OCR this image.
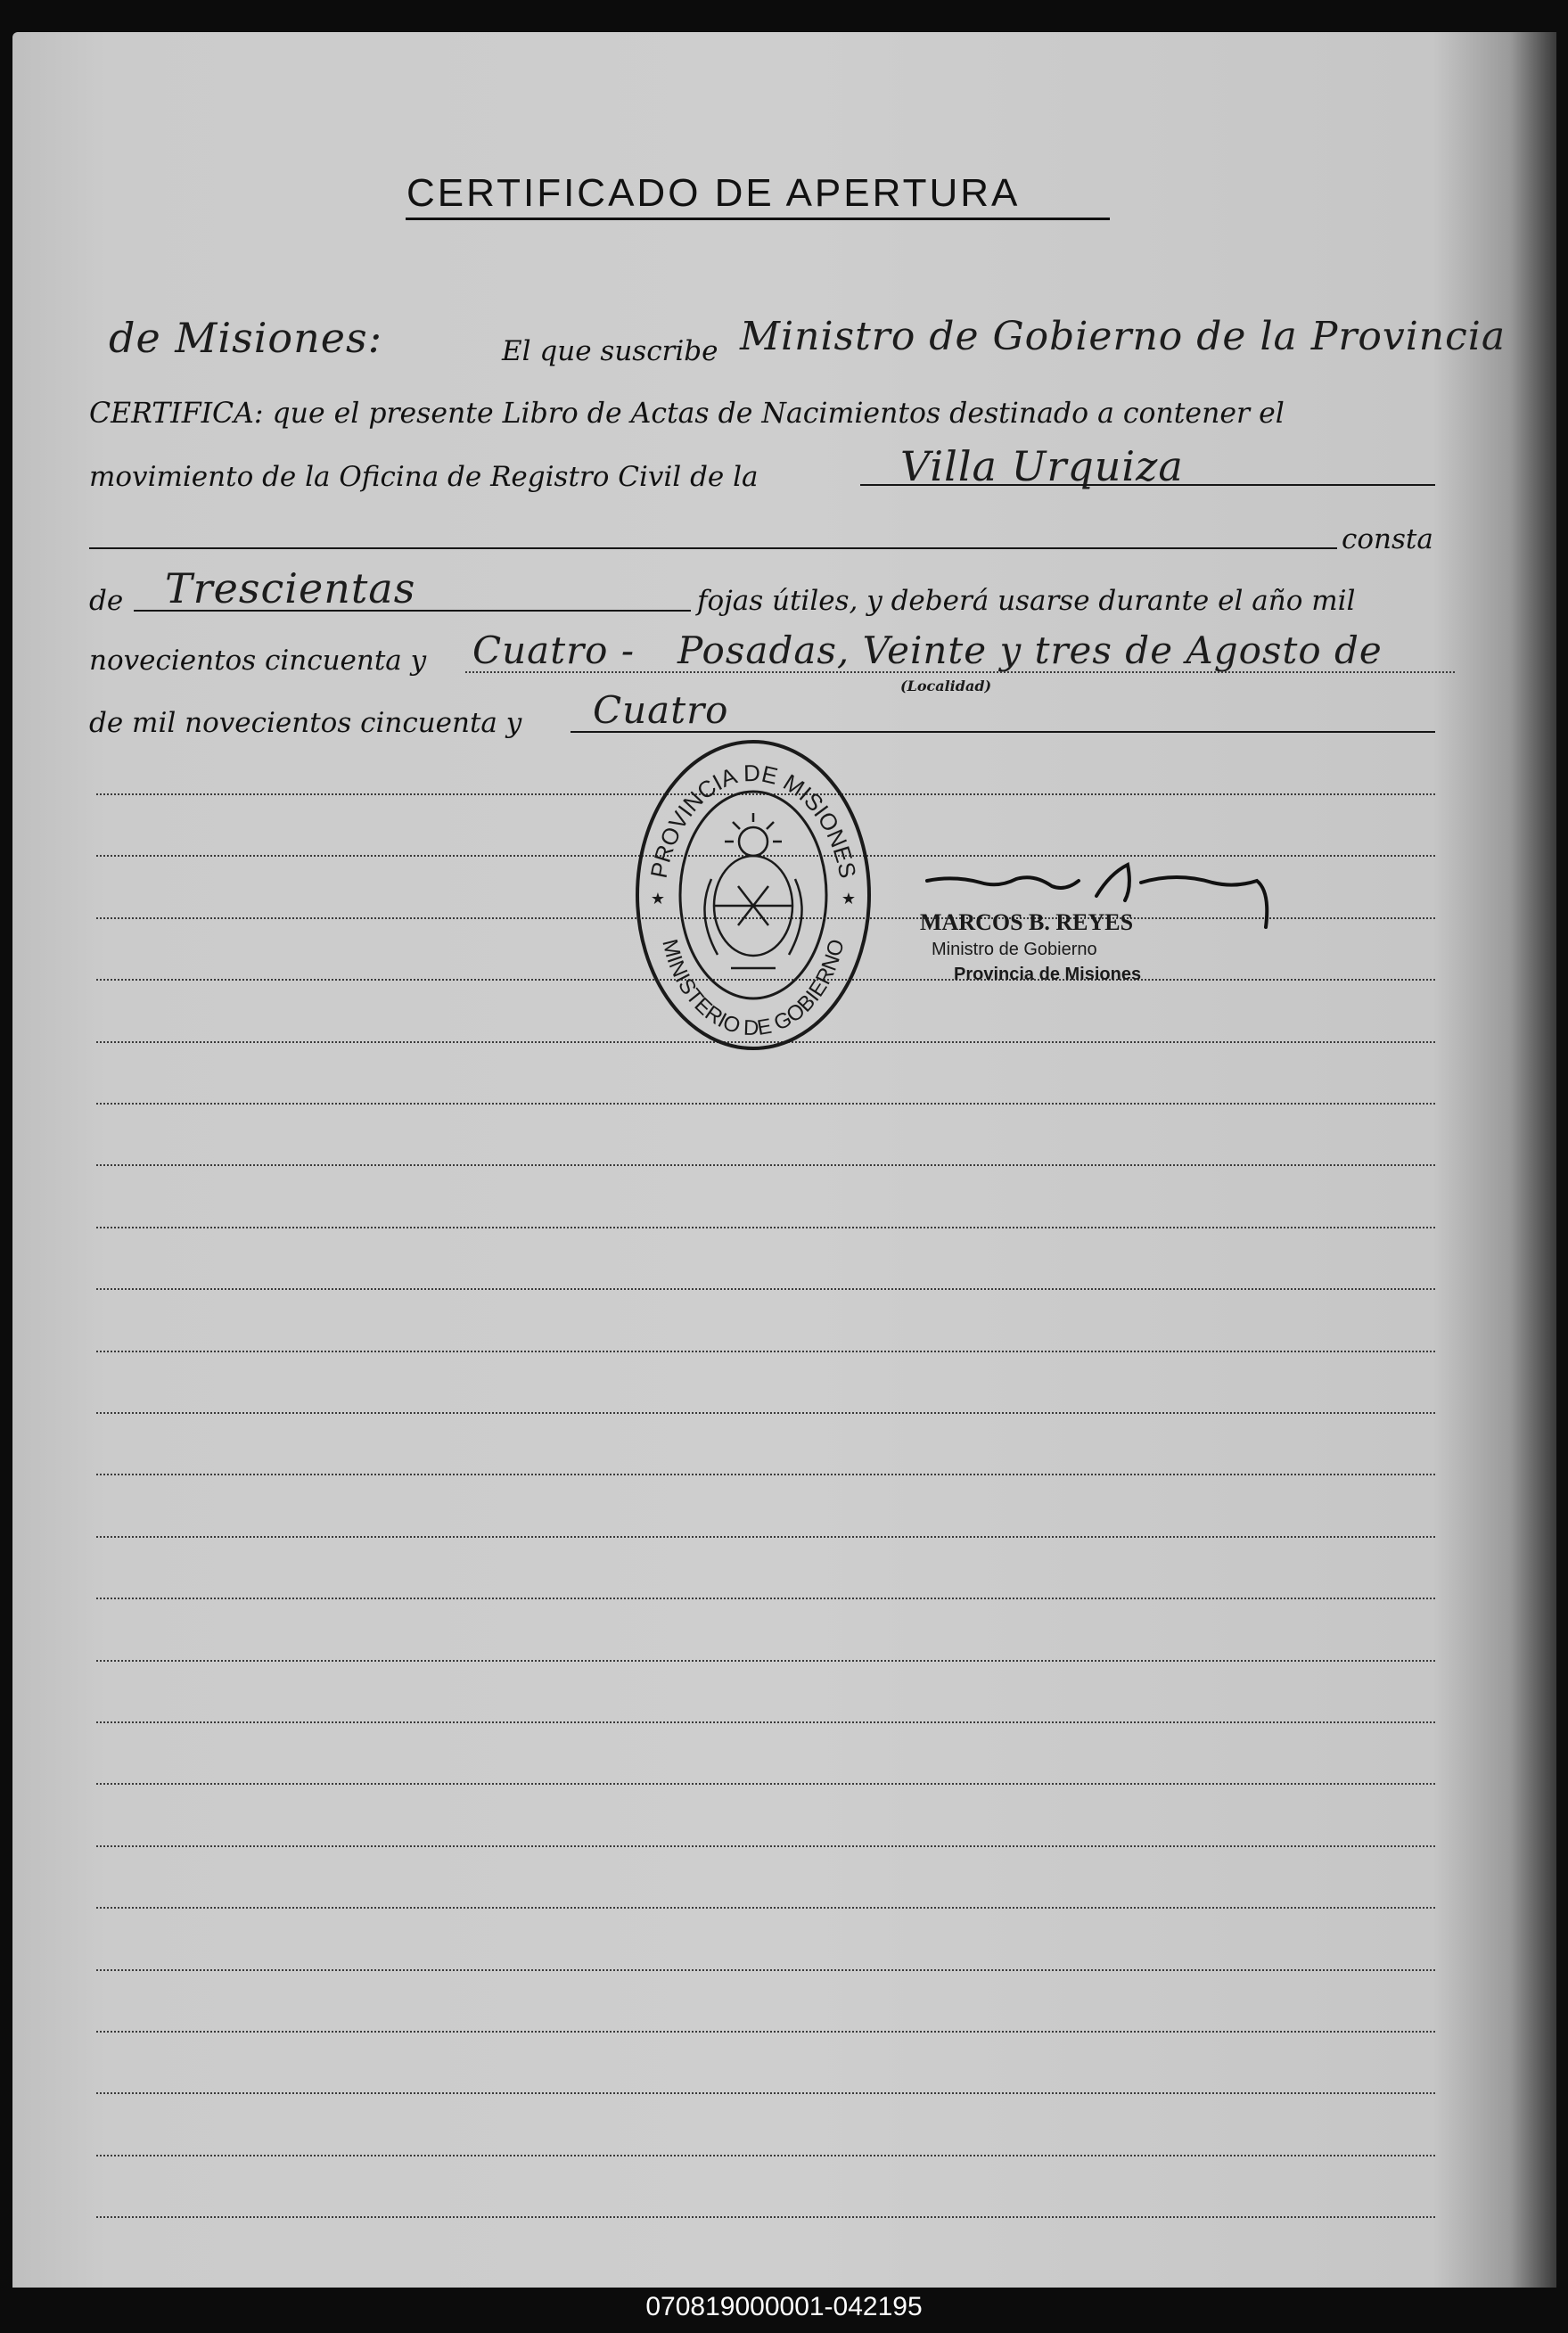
CERTIFICADO DE APERTURA
de Misiones:	El que suscribe Ministro de Gobierno de la Provincia
CERTIFICA: que el presente Libro de Actas de Nacimientos destinado a contener el
movimiento de la Oficina de Registro Civil de la	Villa Urquiza
consta
de Trescientas	fojas útiles, y deberá usarse durante el año mil
novecientos cincuenta y Cuatro - Posadas, Veinte y tres de Agosto de
(Localidad)
de mil novecientos cincuenta y Cuatro
PROVINCIA DE MISIONES
MINISTERIO DE GOBIERNO
★	★
MARCOS B. REYES
Ministro de Gobierno
Provincia de Misiones
070819000001-042195
